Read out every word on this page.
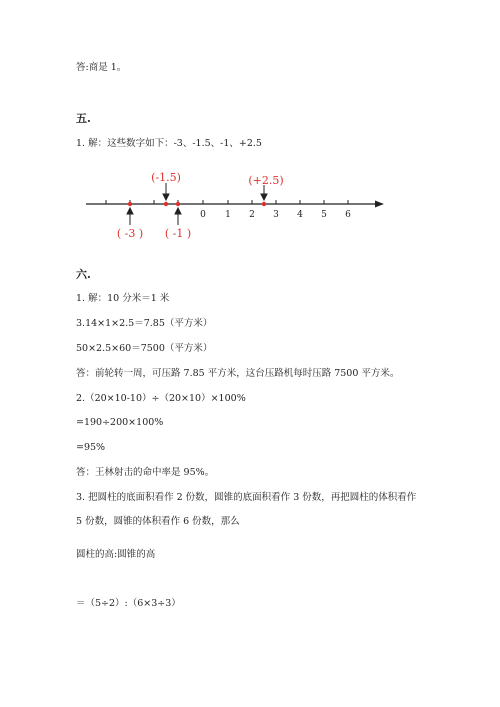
答:商是 1。
五.
1. 解：这些数字如下：-3、-1.5、-1、+2.5
0 1 2 3 4 5 6
(-1.5)	(+2.5)
( -3 ) ( -1 )
六.
1. 解：10 分米＝1 米
3.14×1×2.5＝7.85（平方米）
50×2.5×60＝7500（平方米）
答：前轮转一周，可压路 7.85 平方米，这台压路机每时压路 7500 平方米。
2.（20×10-10）÷（20×10）×100%
=190÷200×100%
=95%
答：王林射击的命中率是 95%。
3. 把圆柱的底面积看作 2 份数，圆锥的底面积看作 3 份数，再把圆柱的体积看作
5 份数，圆锥的体积看作 6 份数，那么
圆柱的高:圆锥的高
＝（5÷2）:（6×3÷3）
